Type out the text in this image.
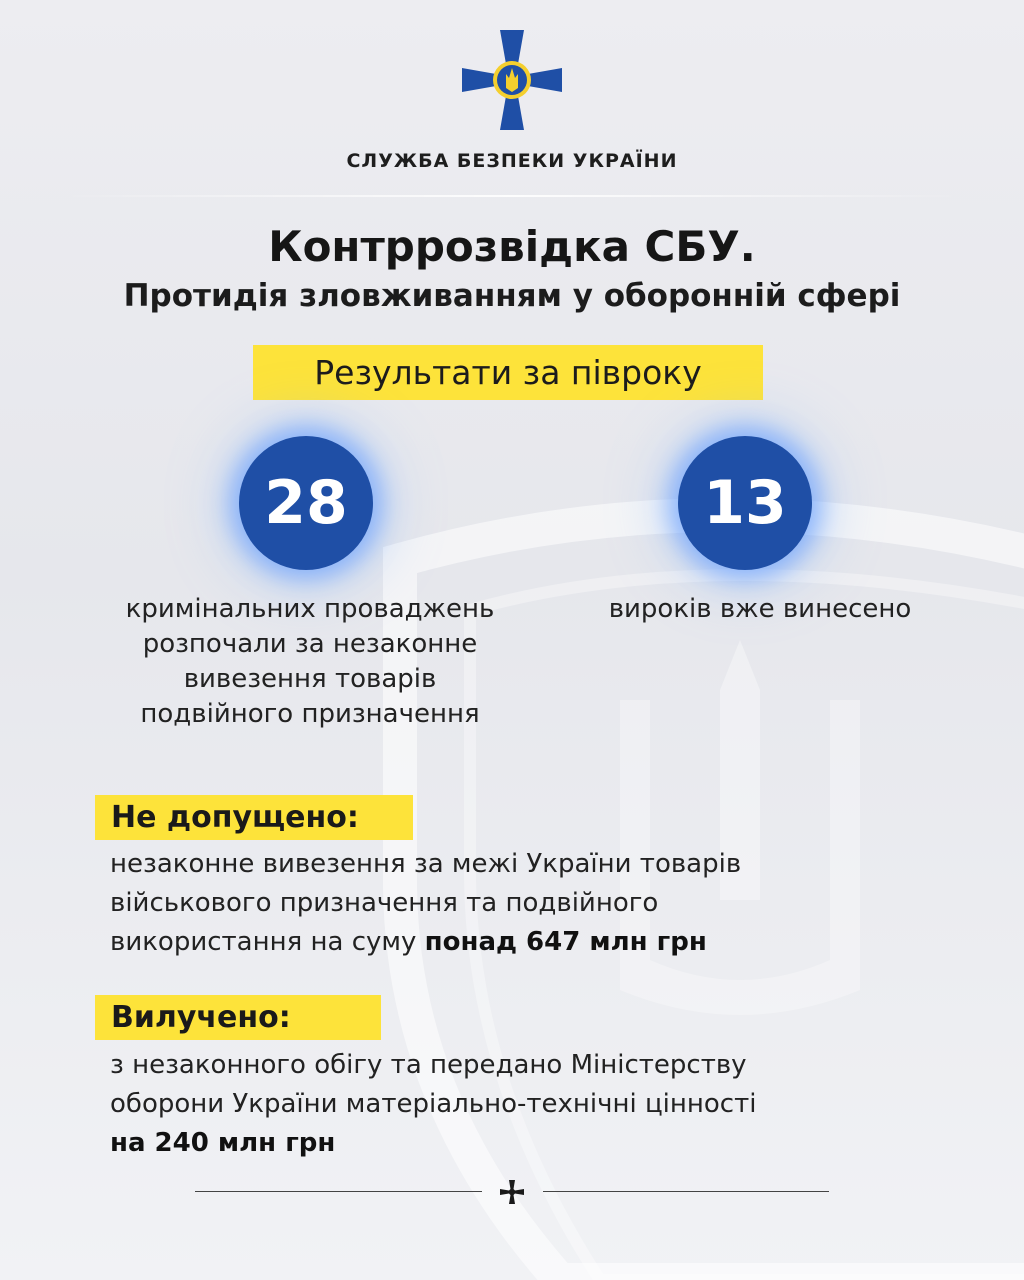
СЛУЖБА БЕЗПЕКИ УКРАЇНИ
Контррозвідка СБУ.
Протидія зловживанням у оборонній сфері
Результати за півроку
28	13
кримінальних проваджень
розпочали за незаконне
вивезення товарів
подвійного призначення
вироків вже винесено
Не допущено:
незаконне вивезення за межі України товарів
військового призначення та подвійного
використання на суму понад 647 млн грн
Вилучено:
з незаконного обігу та передано Міністерству
оборони України матеріально-технічні цінності
на 240 млн грн
